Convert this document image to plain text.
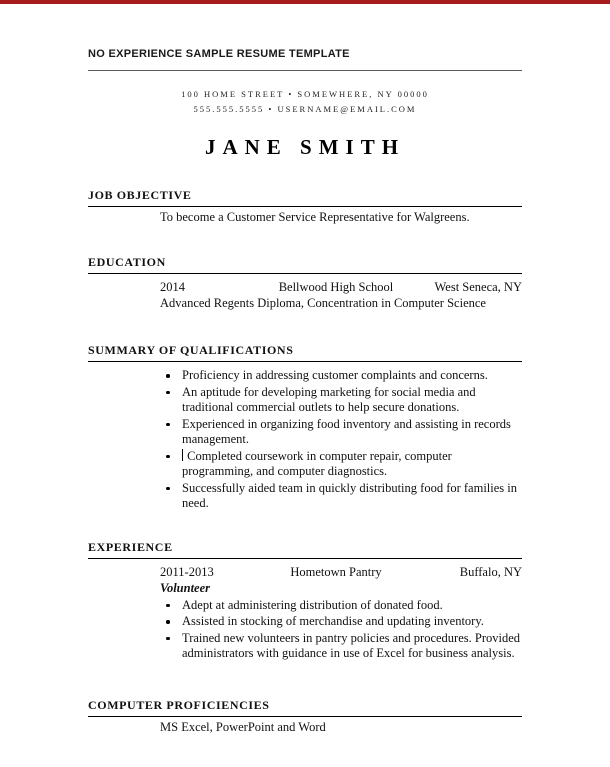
NO EXPERIENCE SAMPLE RESUME TEMPLATE
100 HOME STREET • SOMEWHERE, NY 00000
555.555.5555 • USERNAME@EMAIL.COM
JANE SMITH
JOB OBJECTIVE
To become a Customer Service Representative for Walgreens.
EDUCATION
2014	Bellwood High School	West Seneca, NY
Advanced Regents Diploma, Concentration in Computer Science
SUMMARY OF QUALIFICATIONS
Proficiency in addressing customer complaints and concerns.
An aptitude for developing marketing for social media and traditional commercial outlets to help secure donations.
Experienced in organizing food inventory and assisting in records management.
Completed coursework in computer repair, computer programming, and computer diagnostics.
Successfully aided team in quickly distributing food for families in need.
EXPERIENCE
2011-2013	Hometown Pantry	Buffalo, NY
Volunteer
Adept at administering distribution of donated food.
Assisted in stocking of merchandise and updating inventory.
Trained new volunteers in pantry policies and procedures. Provided administrators with guidance in use of Excel for business analysis.
COMPUTER PROFICIENCIES
MS Excel, PowerPoint and Word
